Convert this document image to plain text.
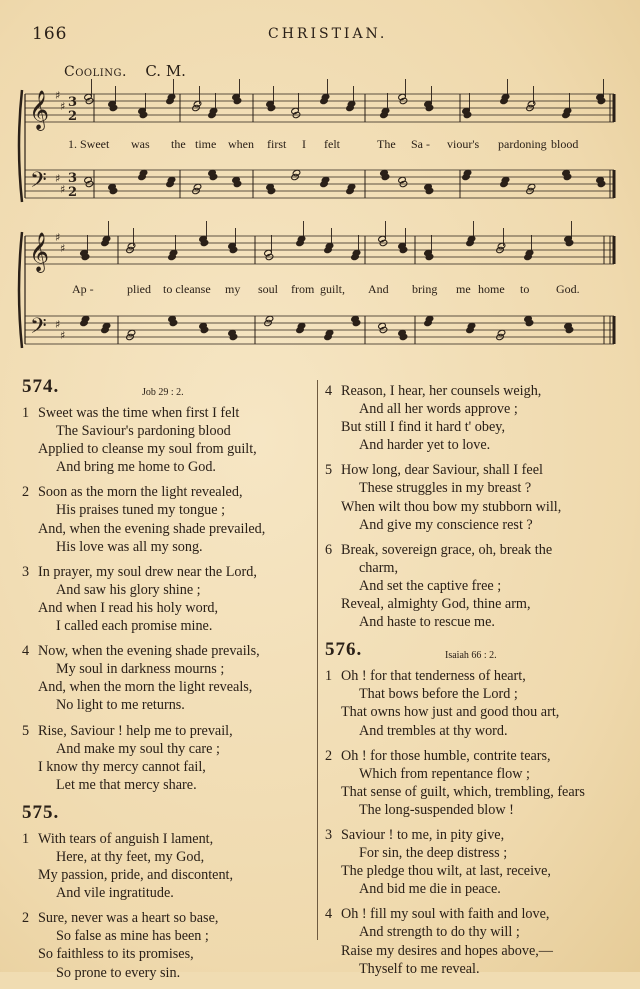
166	CHRISTIAN.
Cooling. C. M.
𝄞
𝄢
♯
♯
♯
♯
3
2
3
2
𝄞
𝄢
♯
♯
♯
♯
1. Sweet was the time when first I felt	The Sa - viour's pardoning blood
Ap -	plied to cleanse my soul from guilt, And bring me home to God.
574.	Job 29 : 2.
1 Sweet was the time when first I felt
The Saviour's pardoning blood
Applied to cleanse my soul from guilt,
And bring me home to God.
2 Soon as the morn the light revealed,
His praises tuned my tongue ;
And, when the evening shade prevailed,
His love was all my song.
3 In prayer, my soul drew near the Lord,
And saw his glory shine ;
And when I read his holy word,
I called each promise mine.
4 Now, when the evening shade prevails,
My soul in darkness mourns ;
And, when the morn the light reveals,
No light to me returns.
5 Rise, Saviour ! help me to prevail,
And make my soul thy care ;
I know thy mercy cannot fail,
Let me that mercy share.
575.
1 With tears of anguish I lament,
Here, at thy feet, my God,
My passion, pride, and discontent,
And vile ingratitude.
2 Sure, never was a heart so base,
So false as mine has been ;
So faithless to its promises,
So prone to every sin.
4 Reason, I hear, her counsels weigh,
And all her words approve ;
But still I find it hard t' obey,
And harder yet to love.
5 How long, dear Saviour, shall I feel
These struggles in my breast ?
When wilt thou bow my stubborn will,
And give my conscience rest ?
6 Break, sovereign grace, oh, break the
charm,
And set the captive free ;
Reveal, almighty God, thine arm,
And haste to rescue me.
576.	Isaiah 66 : 2.
1 Oh ! for that tenderness of heart,
That bows before the Lord ;
That owns how just and good thou art,
And trembles at thy word.
2 Oh ! for those humble, contrite tears,
Which from repentance flow ;
That sense of guilt, which, trembling, fears
The long-suspended blow !
3 Saviour ! to me, in pity give,
For sin, the deep distress ;
The pledge thou wilt, at last, receive,
And bid me die in peace.
4 Oh ! fill my soul with faith and love,
And strength to do thy will ;
Raise my desires and hopes above,—
Thyself to me reveal.
